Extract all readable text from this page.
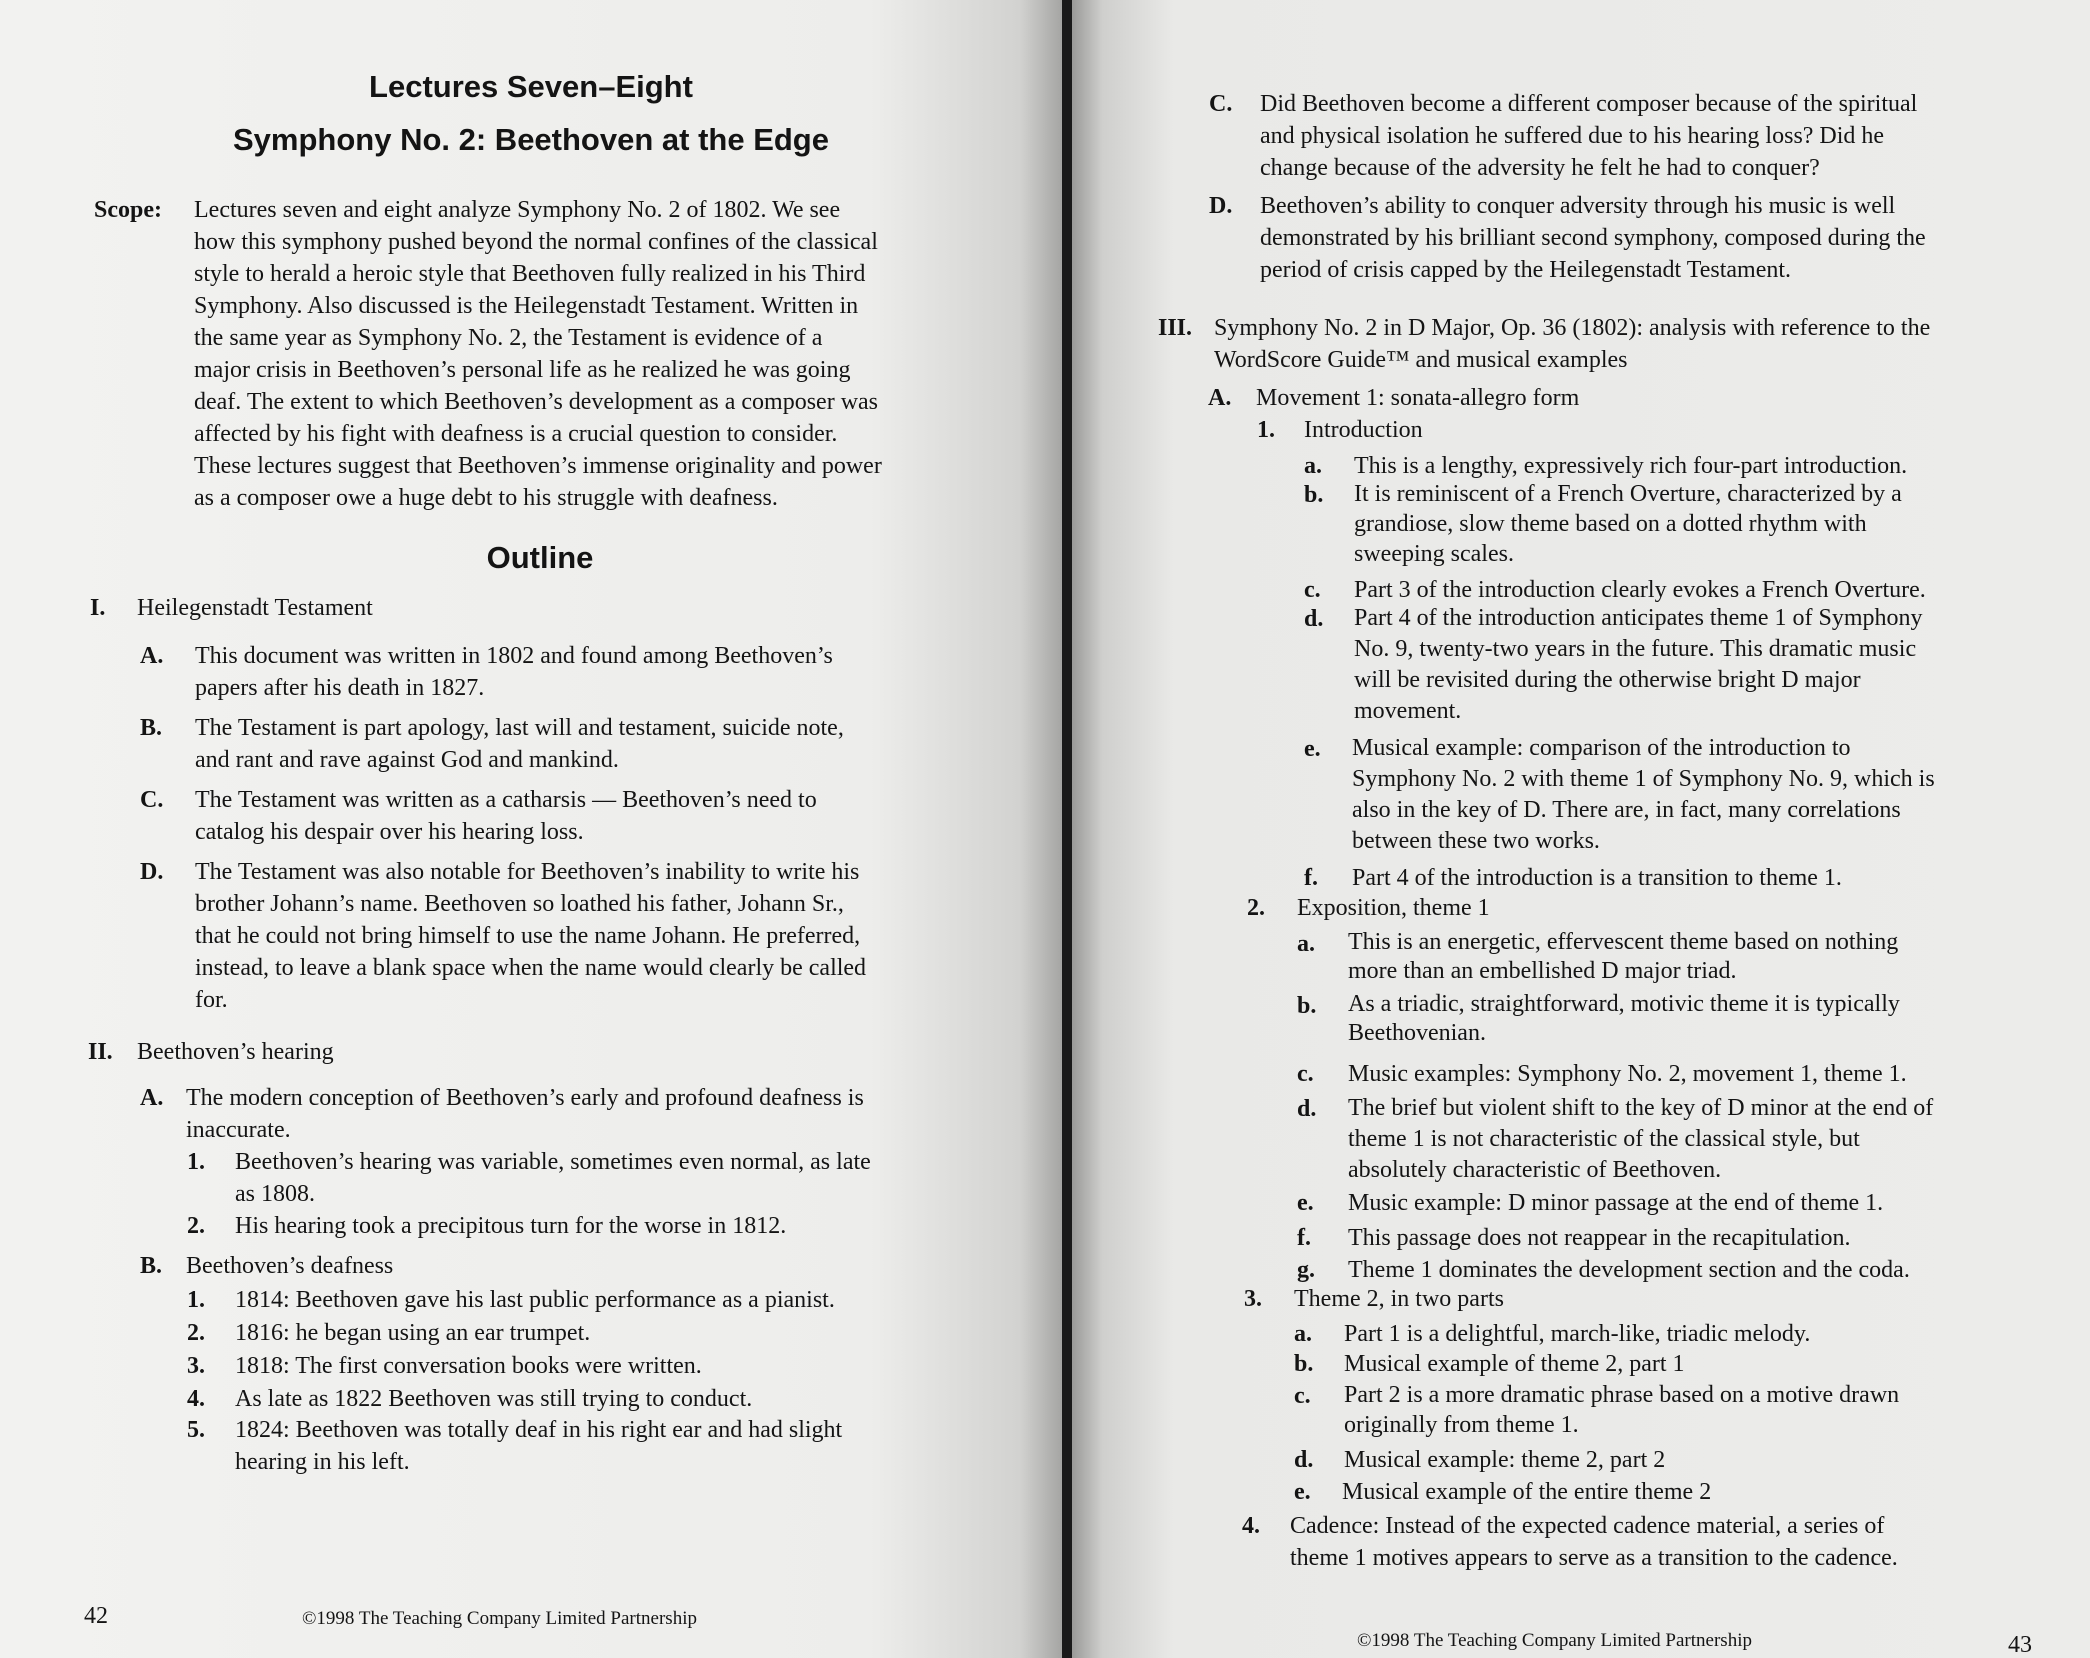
Lectures Seven–Eight
Symphony No. 2: Beethoven at the Edge
Scope: Lectures seven and eight analyze Symphony No. 2 of 1802. We see
how this symphony pushed beyond the normal confines of the classical
style to herald a heroic style that Beethoven fully realized in his Third
Symphony. Also discussed is the Heilegenstadt Testament. Written in
the same year as Symphony No. 2, the Testament is evidence of a
major crisis in Beethoven’s personal life as he realized he was going
deaf. The extent to which Beethoven’s development as a composer was
affected by his fight with deafness is a crucial question to consider.
These lectures suggest that Beethoven’s immense originality and power
as a composer owe a huge debt to his struggle with deafness.
Outline
I. Heilegenstadt Testament
A. This document was written in 1802 and found among Beethoven’s
papers after his death in 1827.
B. The Testament is part apology, last will and testament, suicide note,
and rant and rave against God and mankind.
C. The Testament was written as a catharsis — Beethoven’s need to
catalog his despair over his hearing loss.
D. The Testament was also notable for Beethoven’s inability to write his
brother Johann’s name. Beethoven so loathed his father, Johann Sr.,
that he could not bring himself to use the name Johann. He preferred,
instead, to leave a blank space when the name would clearly be called
for.
II. Beethoven’s hearing
A. The modern conception of Beethoven’s early and profound deafness is
inaccurate.
1. Beethoven’s hearing was variable, sometimes even normal, as late
as 1808.
2. His hearing took a precipitous turn for the worse in 1812.
B. Beethoven’s deafness
1. 1814: Beethoven gave his last public performance as a pianist.
2. 1816: he began using an ear trumpet.
3. 1818: The first conversation books were written.
4. As late as 1822 Beethoven was still trying to conduct.
5. 1824: Beethoven was totally deaf in his right ear and had slight
hearing in his left.
42	©1998 The Teaching Company Limited Partnership
C. Did Beethoven become a different composer because of the spiritual
and physical isolation he suffered due to his hearing loss? Did he
change because of the adversity he felt he had to conquer?
D. Beethoven’s ability to conquer adversity through his music is well
demonstrated by his brilliant second symphony, composed during the
period of crisis capped by the Heilegenstadt Testament.
III. Symphony No. 2 in D Major, Op. 36 (1802): analysis with reference to the
WordScore Guide™ and musical examples
A. Movement 1: sonata-allegro form
1. Introduction
a. This is a lengthy, expressively rich four-part introduction.
b. It is reminiscent of a French Overture, characterized by a
grandiose, slow theme based on a dotted rhythm with
sweeping scales.
c. Part 3 of the introduction clearly evokes a French Overture.
d. Part 4 of the introduction anticipates theme 1 of Symphony
No. 9, twenty-two years in the future. This dramatic music
will be revisited during the otherwise bright D major
movement.
e. Musical example: comparison of the introduction to
Symphony No. 2 with theme 1 of Symphony No. 9, which is
also in the key of D. There are, in fact, many correlations
between these two works.
f. Part 4 of the introduction is a transition to theme 1.
2. Exposition, theme 1
a. This is an energetic, effervescent theme based on nothing
more than an embellished D major triad.
b. As a triadic, straightforward, motivic theme it is typically
Beethovenian.
c. Music examples: Symphony No. 2, movement 1, theme 1.
d. The brief but violent shift to the key of D minor at the end of
theme 1 is not characteristic of the classical style, but
absolutely characteristic of Beethoven.
e. Music example: D minor passage at the end of theme 1.
f. This passage does not reappear in the recapitulation.
g. Theme 1 dominates the development section and the coda.
3. Theme 2, in two parts
a. Part 1 is a delightful, march-like, triadic melody.
b. Musical example of theme 2, part 1
c. Part 2 is a more dramatic phrase based on a motive drawn
originally from theme 1.
d. Musical example: theme 2, part 2
e. Musical example of the entire theme 2
4. Cadence: Instead of the expected cadence material, a series of
theme 1 motives appears to serve as a transition to the cadence.
©1998 The Teaching Company Limited Partnership	43
